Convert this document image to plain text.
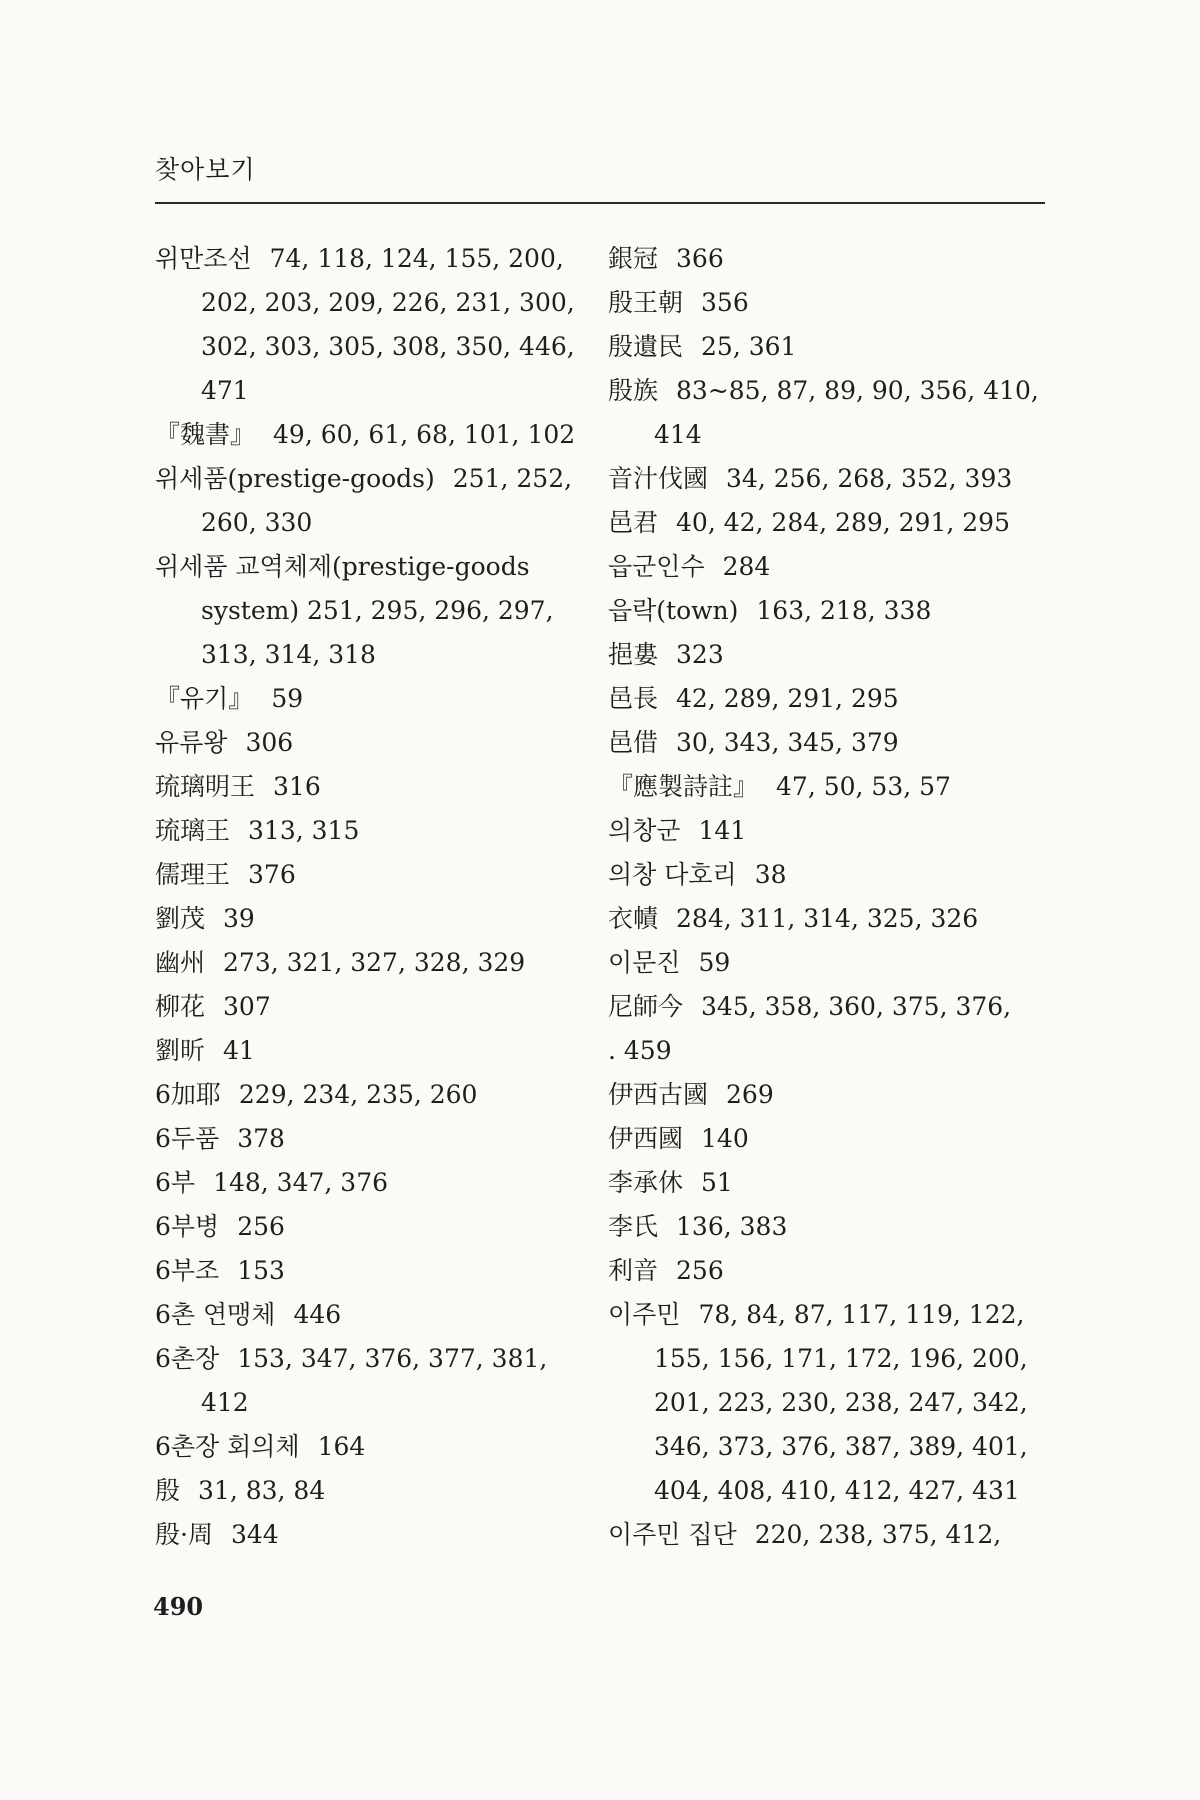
찾아보기
위만조선 74, 118, 124, 155, 200,
202, 203, 209, 226, 231, 300,
302, 303, 305, 308, 350, 446,
471
『魏書』 49, 60, 61, 68, 101, 102
위세품(prestige-goods) 251, 252,
260, 330
위세품 교역체제(prestige-goods
system) 251, 295, 296, 297,
313, 314, 318
『유기』 59
유류왕 306
琉璃明王 316
琉璃王 313, 315
儒理王 376
劉茂 39
幽州 273, 321, 327, 328, 329
柳花 307
劉昕 41
6加耶 229, 234, 235, 260
6두품 378
6부 148, 347, 376
6부병 256
6부조 153
6촌 연맹체 446
6촌장 153, 347, 376, 377, 381,
412
6촌장 회의체 164
殷 31, 83, 84
殷·周 344
銀冠 366
殷王朝 356
殷遺民 25, 361
殷族 83~85, 87, 89, 90, 356, 410,
414
音汁伐國 34, 256, 268, 352, 393
邑君 40, 42, 284, 289, 291, 295
읍군인수 284
읍락(town) 163, 218, 338
挹婁 323
邑長 42, 289, 291, 295
邑借 30, 343, 345, 379
『應製詩註』 47, 50, 53, 57
의창군 141
의창 다호리 38
衣幘 284, 311, 314, 325, 326
이문진 59
尼師今 345, 358, 360, 375, 376,
. 459
伊西古國 269
伊西國 140
李承休 51
李氏 136, 383
利音 256
이주민 78, 84, 87, 117, 119, 122,
155, 156, 171, 172, 196, 200,
201, 223, 230, 238, 247, 342,
346, 373, 376, 387, 389, 401,
404, 408, 410, 412, 427, 431
이주민 집단 220, 238, 375, 412,
490
